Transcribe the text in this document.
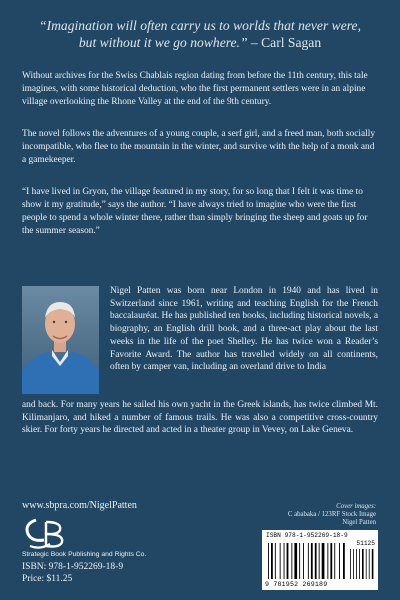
“Imagination will often carry us to worlds that never were,
but without it we go nowhere.” – Carl Sagan

Without archives for the Swiss Chablais region dating from before the 11th century, this tale imagines, with some historical deduction, who the first permanent settlers were in an alpine village overlooking the Rhone Valley at the end of the 9th century.

The novel follows the adventures of a young couple, a serf girl, and a freed man, both socially incompatible, who flee to the mountain in the winter, and survive with the help of a monk and a gamekeeper.

“I have lived in Gryon, the village featured in my story, for so long that I felt it was time to show it my gratitude,” says the author. “I have always tried to imagine who were the first people to spend a whole winter there, rather than simply bringing the sheep and goats up for the summer season.”

Nigel Patten was born near London in 1940 and has lived in Switzerland since 1961, writing and teaching English for the French baccalauréat. He has published ten books, including historical novels, a biography, an English drill book, and a three-act play about the last weeks in the life of the poet Shelley. He has twice won a Reader’s Favorite Award. The author has travelled widely on all continents, often by camper van, including an overland drive to India

and back. For many years he sailed his own yacht in the Greek islands, has twice climbed Mt. Kilimanjaro, and hiked a number of famous trails. He was also a competitive cross-country skier. For forty years he directed and acted in a theater group in Vevey, on Lake Geneva.

www.sbpra.com/NigelPatten
Strategic Book Publishing and Rights Co.
ISBN: 978-1-952269-18-9
Price: $11.25
Cover images:
C ababaka / 123RF Stock Image
Nigel Patten
ISBN 978-1-952269-18-9
51125
9 781952 269189
